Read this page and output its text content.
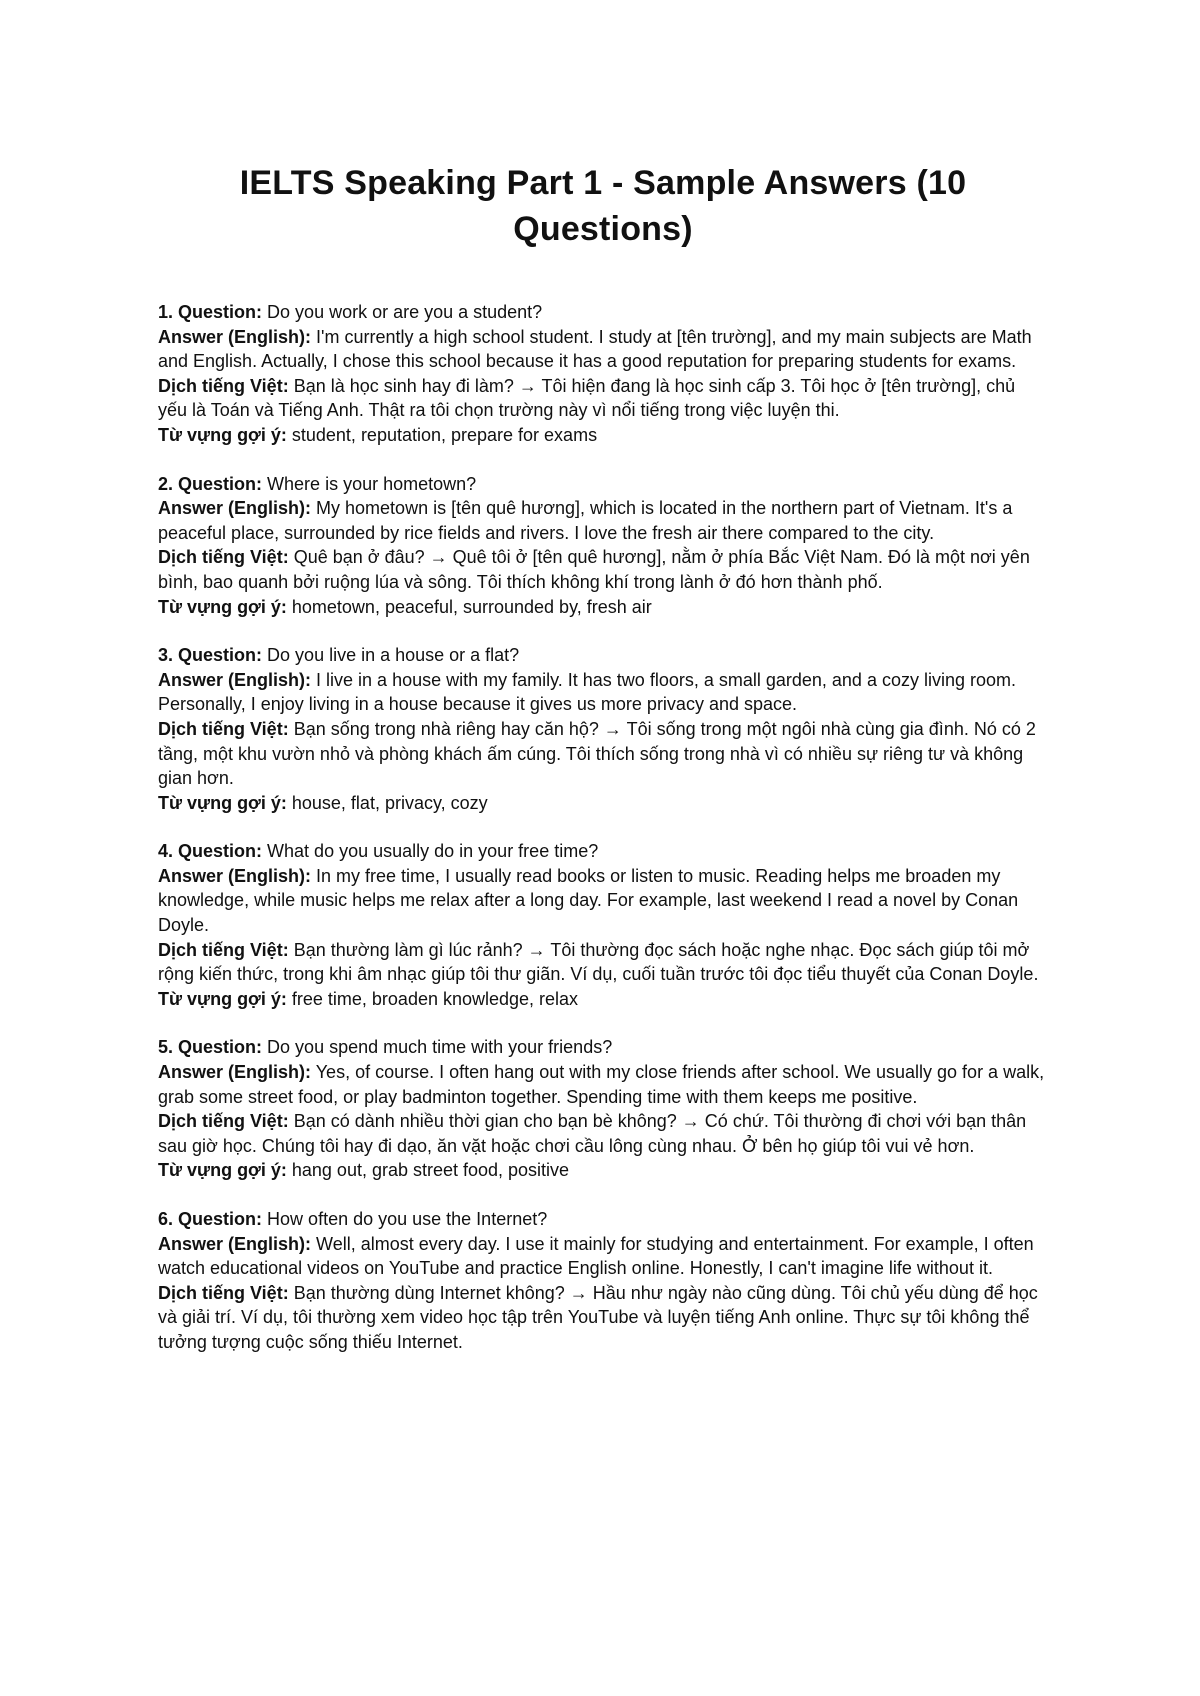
IELTS Speaking Part 1 - Sample Answers (10 Questions)

1. Question: Do you work or are you a student?

Answer (English): I'm currently a high school student. I study at [tên trường], and my main subjects are Math and English. Actually, I chose this school because it has a good reputation for preparing students for exams.

Dịch tiếng Việt: Bạn là học sinh hay đi làm? → Tôi hiện đang là học sinh cấp 3. Tôi học ở [tên trường], chủ yếu là Toán và Tiếng Anh. Thật ra tôi chọn trường này vì nổi tiếng trong việc luyện thi.

Từ vựng gợi ý: student, reputation, prepare for exams

2. Question: Where is your hometown?

Answer (English): My hometown is [tên quê hương], which is located in the northern part of Vietnam. It's a peaceful place, surrounded by rice fields and rivers. I love the fresh air there compared to the city.

Dịch tiếng Việt: Quê bạn ở đâu? → Quê tôi ở [tên quê hương], nằm ở phía Bắc Việt Nam. Đó là một nơi yên bình, bao quanh bởi ruộng lúa và sông. Tôi thích không khí trong lành ở đó hơn thành phố.

Từ vựng gợi ý: hometown, peaceful, surrounded by, fresh air

3. Question: Do you live in a house or a flat?

Answer (English): I live in a house with my family. It has two floors, a small garden, and a cozy living room. Personally, I enjoy living in a house because it gives us more privacy and space.

Dịch tiếng Việt: Bạn sống trong nhà riêng hay căn hộ? → Tôi sống trong một ngôi nhà cùng gia đình. Nó có 2 tầng, một khu vườn nhỏ và phòng khách ấm cúng. Tôi thích sống trong nhà vì có nhiều sự riêng tư và không gian hơn.

Từ vựng gợi ý: house, flat, privacy, cozy

4. Question: What do you usually do in your free time?

Answer (English): In my free time, I usually read books or listen to music. Reading helps me broaden my knowledge, while music helps me relax after a long day. For example, last weekend I read a novel by Conan Doyle.

Dịch tiếng Việt: Bạn thường làm gì lúc rảnh? → Tôi thường đọc sách hoặc nghe nhạc. Đọc sách giúp tôi mở rộng kiến thức, trong khi âm nhạc giúp tôi thư giãn. Ví dụ, cuối tuần trước tôi đọc tiểu thuyết của Conan Doyle.

Từ vựng gợi ý: free time, broaden knowledge, relax

5. Question: Do you spend much time with your friends?

Answer (English): Yes, of course. I often hang out with my close friends after school. We usually go for a walk, grab some street food, or play badminton together. Spending time with them keeps me positive.

Dịch tiếng Việt: Bạn có dành nhiều thời gian cho bạn bè không? → Có chứ. Tôi thường đi chơi với bạn thân sau giờ học. Chúng tôi hay đi dạo, ăn vặt hoặc chơi cầu lông cùng nhau. Ở bên họ giúp tôi vui vẻ hơn.

Từ vựng gợi ý: hang out, grab street food, positive

6. Question: How often do you use the Internet?

Answer (English): Well, almost every day. I use it mainly for studying and entertainment. For example, I often watch educational videos on YouTube and practice English online. Honestly, I can't imagine life without it.

Dịch tiếng Việt: Bạn thường dùng Internet không? → Hầu như ngày nào cũng dùng. Tôi chủ yếu dùng để học và giải trí. Ví dụ, tôi thường xem video học tập trên YouTube và luyện tiếng Anh online. Thực sự tôi không thể tưởng tượng cuộc sống thiếu Internet.
